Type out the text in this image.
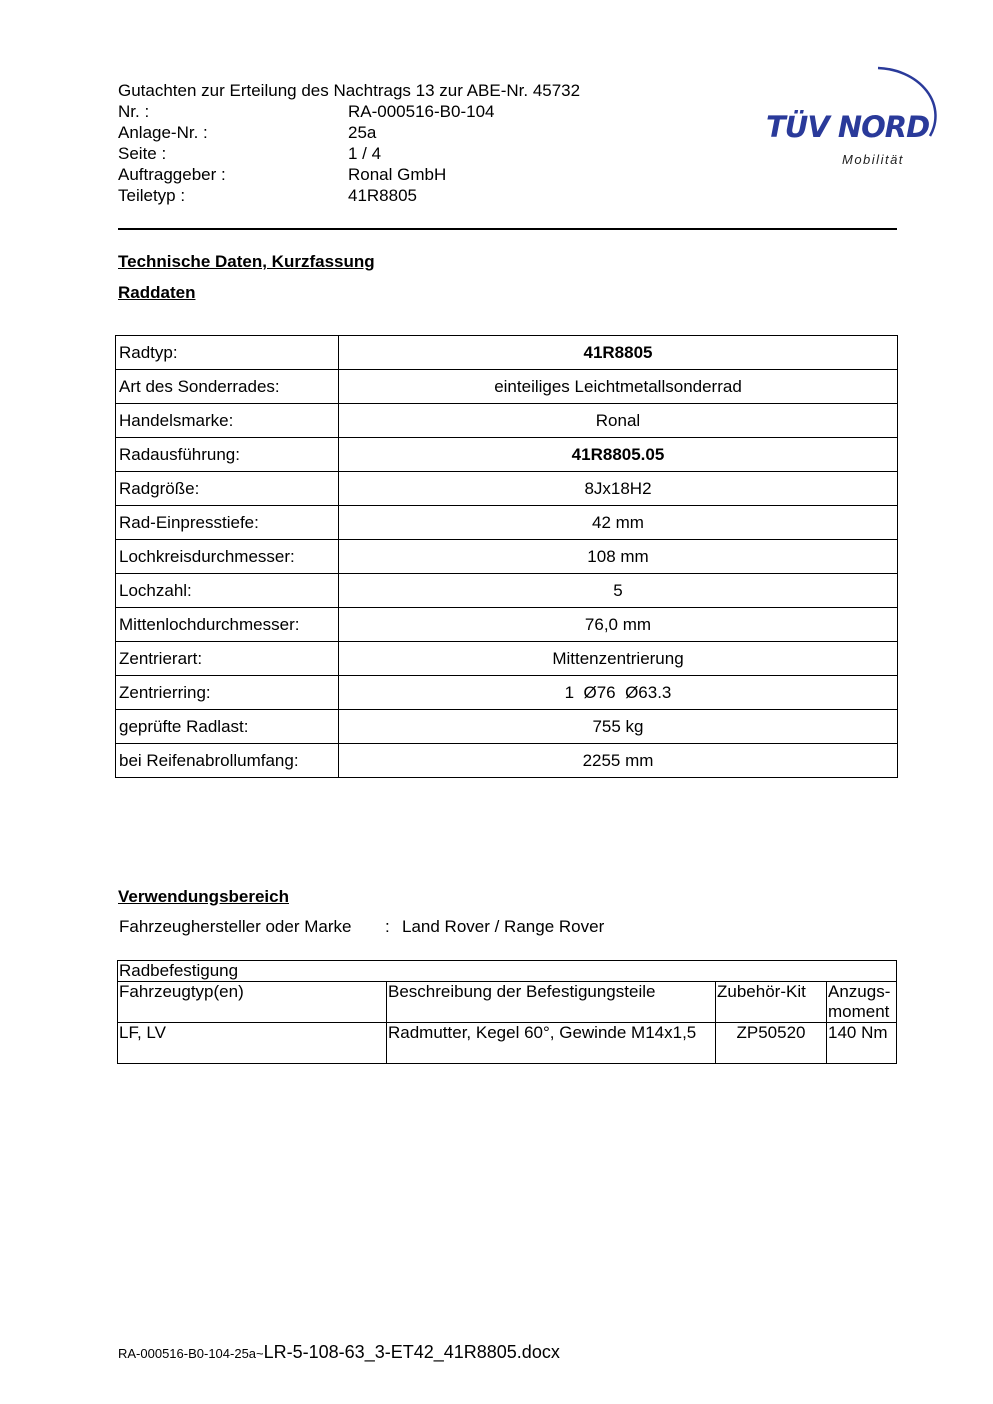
Gutachten zur Erteilung des Nachtrags 13 zur ABE-Nr. 45732
Nr. :	RA-000516-B0-104
Anlage-Nr. :	25a
Seite :	1 / 4
Auftraggeber :	Ronal GmbH
Teiletyp :	41R8805
TÜV NORD
Mobilität
Technische Daten, Kurzfassung
Raddaten
Radtyp:	41R8805
Art des Sonderrades:	einteiliges Leichtmetallsonderrad
Handelsmarke:	Ronal
Radausführung:	41R8805.05
Radgröße:	8Jx18H2
Rad-Einpresstiefe:	42 mm
Lochkreisdurchmesser:	108 mm
Lochzahl:	5
Mittenlochdurchmesser:	76,0 mm
Zentrierart:	Mittenzentrierung
Zentrierring:	1  Ø76  Ø63.3
geprüfte Radlast:	755 kg
bei Reifenabrollumfang:	2255 mm
Verwendungsbereich
Fahrzeughersteller oder Marke : Land Rover / Range Rover
Radbefestigung			
Fahrzeugtyp(en)	Beschreibung der Befestigungsteile	Zubehör-Kit	Anzugs-moment
LF, LV	Radmutter, Kegel 60°, Gewinde M14x1,5	ZP50520	140 Nm
RA-000516-B0-104-25a~LR-5-108-63_3-ET42_41R8805.docx
